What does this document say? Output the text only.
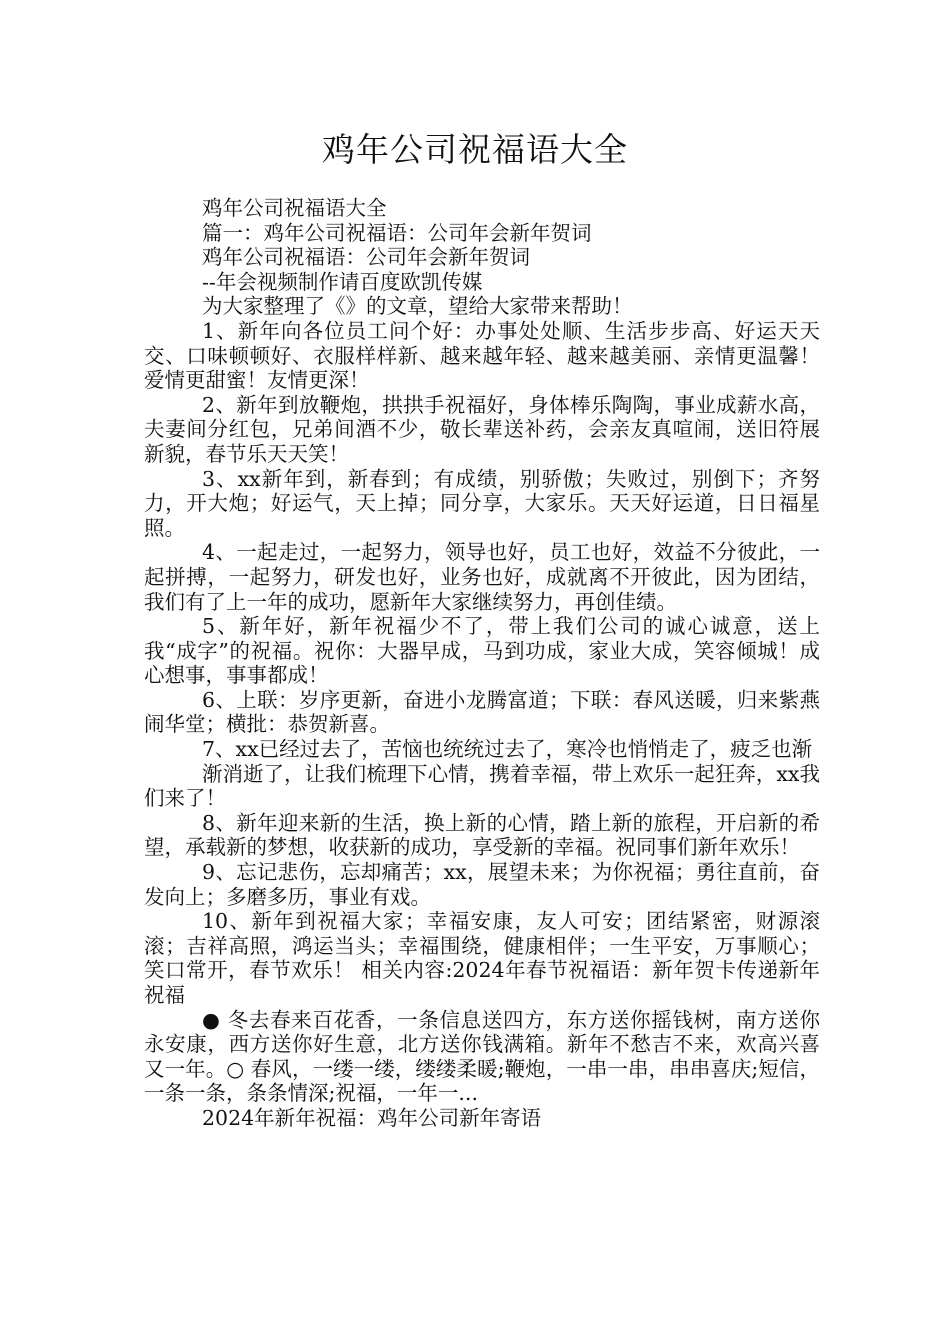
鸡年公司祝福语大全

鸡年公司祝福语大全

篇一：鸡年公司祝福语：公司年会新年贺词

鸡年公司祝福语：公司年会新年贺词

--年会视频制作请百度欧凯传媒

为大家整理了《》的文章，望给大家带来帮助！

1、新年向各位员工问个好：办事处处顺、生活步步高、好运天天交、口味顿顿好、衣服样样新、越来越年轻、越来越美丽、亲情更温馨！爱情更甜蜜！友情更深！

2、新年到放鞭炮，拱拱手祝福好，身体棒乐陶陶，事业成薪水高，夫妻间分红包，兄弟间酒不少，敬长辈送补药，会亲友真喧闹，送旧符展新貌，春节乐天天笑！

3、xx新年到，新春到；有成绩，别骄傲；失败过，别倒下；齐努力，开大炮；好运气，天上掉；同分享，大家乐。天天好运道，日日福星照。

4、一起走过，一起努力，领导也好，员工也好，效益不分彼此，一起拼搏，一起努力，研发也好，业务也好，成就离不开彼此，因为团结，我们有了上一年的成功，愿新年大家继续努力，再创佳绩。

5、新年好，新年祝福少不了，带上我们公司的诚心诚意，送上我“成字”的祝福。祝你：大器早成，马到功成，家业大成，笑容倾城！成心想事，事事都成！

6、上联：岁序更新，奋进小龙腾富道；下联：春风送暖，归来紫燕闹华堂；横批：恭贺新喜。

7、xx已经过去了，苦恼也统统过去了，寒冷也悄悄走了，疲乏也渐

渐消逝了，让我们梳理下心情，携着幸福，带上欢乐一起狂奔，xx我们来了！

8、新年迎来新的生活，换上新的心情，踏上新的旅程，开启新的希望，承载新的梦想，收获新的成功，享受新的幸福。祝同事们新年欢乐！

9、忘记悲伤，忘却痛苦；xx，展望未来；为你祝福；勇往直前，奋发向上；多磨多历，事业有戏。

10、新年到祝福大家；幸福安康，友人可安；团结紧密，财源滚滚；吉祥高照，鸿运当头；幸福围绕，健康相伴；一生平安，万事顺心；笑口常开，春节欢乐！ 相关内容:2024年春节祝福语：新年贺卡传递新年祝福

● 冬去春来百花香，一条信息送四方，东方送你摇钱树，南方送你永安康，西方送你好生意，北方送你钱满箱。新年不愁吉不来，欢高兴喜又一年。○ 春风，一缕一缕，缕缕柔暖;鞭炮，一串一串，串串喜庆;短信，一条一条，条条情深;祝福，一年一...

2024年新年祝福：鸡年公司新年寄语
